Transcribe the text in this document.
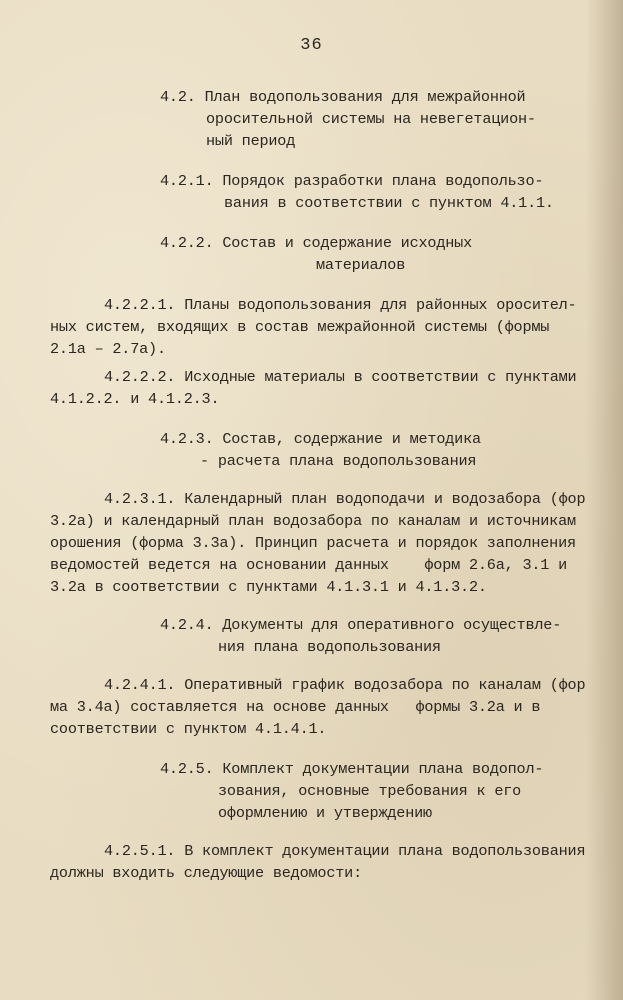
36
4.2. План водопользования для межрайонной
оросительной системы на невегетацион-
ный период
4.2.1. Порядок разработки плана водопользо-
вания в соответствии с пунктом 4.1.1.
4.2.2. Состав и содержание исходных
материалов
4.2.2.1. Планы водопользования для районных оросител-
ных систем, входящих в состав межрайонной системы (формы
2.1а – 2.7а).
4.2.2.2. Исходные материалы в соответствии с пунктами
4.1.2.2. и 4.1.2.3.
4.2.3. Состав, содержание и методика
- расчета плана водопользования
4.2.3.1. Календарный план водоподачи и водозабора (фор
3.2а) и календарный план водозабора по каналам и источникам
орошения (форма 3.3а). Принцип расчета и порядок заполнения
ведомостей ведется на основании данных    форм 2.6а, 3.1 и
3.2а в соответствии с пунктами 4.1.3.1 и 4.1.3.2.
4.2.4. Документы для оперативного осуществле-
ния плана водопользования
4.2.4.1. Оперативный график водозабора по каналам (фор
ма 3.4а) составляется на основе данных   формы 3.2а и в
соответствии с пунктом 4.1.4.1.
4.2.5. Комплект документации плана водопол-
зования, основные требования к его
оформлению и утверждению
4.2.5.1. В комплект документации плана водопользования
должны входить следующие ведомости:
